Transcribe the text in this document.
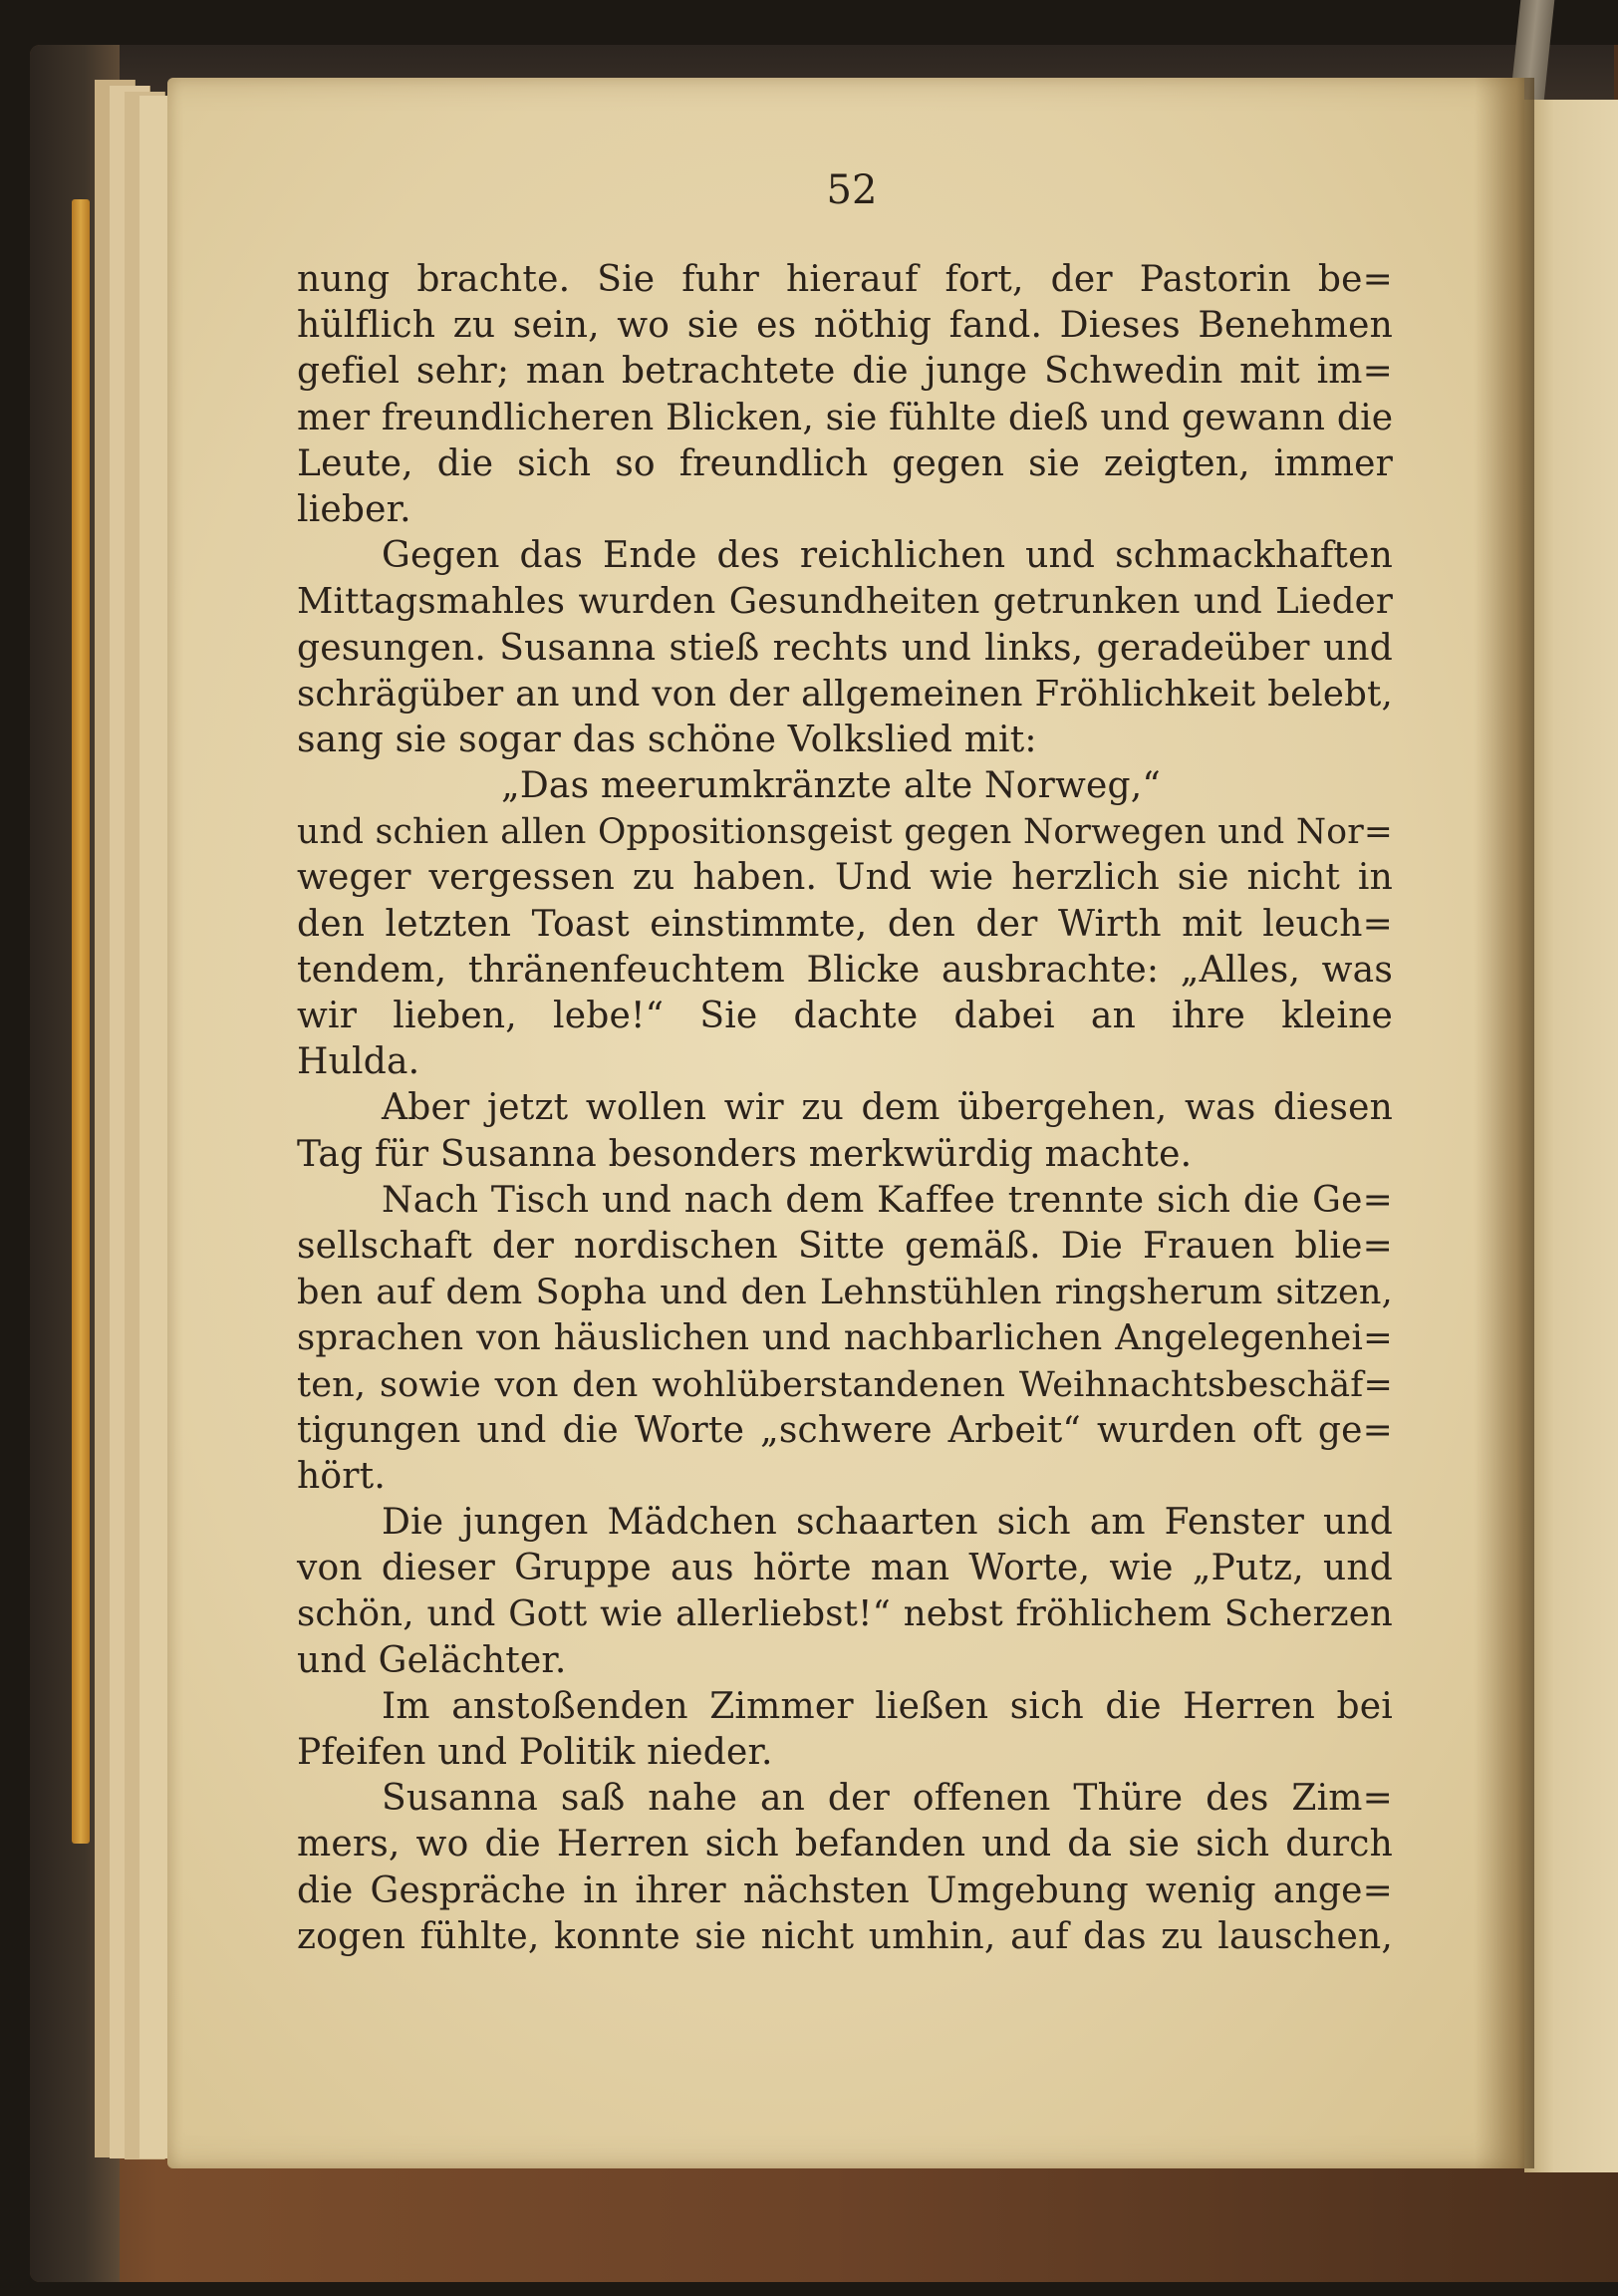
52
nung brachte. Sie fuhr hierauf fort, der Pastorin be=
hülflich zu sein, wo sie es nöthig fand. Dieses Benehmen
gefiel sehr; man betrachtete die junge Schwedin mit im=
mer freundlicheren Blicken, sie fühlte dieß und gewann die
Leute, die sich so freundlich gegen sie zeigten, immer
lieber.
Gegen das Ende des reichlichen und schmackhaften
Mittagsmahles wurden Gesundheiten getrunken und Lieder
gesungen. Susanna stieß rechts und links, geradeüber und
schrägüber an und von der allgemeinen Fröhlichkeit belebt,
sang sie sogar das schöne Volkslied mit:
„Das meerumkränzte alte Norweg,“
und schien allen Oppositionsgeist gegen Norwegen und Nor=
weger vergessen zu haben. Und wie herzlich sie nicht in
den letzten Toast einstimmte, den der Wirth mit leuch=
tendem, thränenfeuchtem Blicke ausbrachte: „Alles, was
wir lieben, lebe!“ Sie dachte dabei an ihre kleine
Hulda.
Aber jetzt wollen wir zu dem übergehen, was diesen
Tag für Susanna besonders merkwürdig machte.
Nach Tisch und nach dem Kaffee trennte sich die Ge=
sellschaft der nordischen Sitte gemäß. Die Frauen blie=
ben auf dem Sopha und den Lehnstühlen ringsherum sitzen,
sprachen von häuslichen und nachbarlichen Angelegenhei=
ten, sowie von den wohlüberstandenen Weihnachtsbeschäf=
tigungen und die Worte „schwere Arbeit“ wurden oft ge=
hört.
Die jungen Mädchen schaarten sich am Fenster und
von dieser Gruppe aus hörte man Worte, wie „Putz, und
schön, und Gott wie allerliebst!“ nebst fröhlichem Scherzen
und Gelächter.
Im anstoßenden Zimmer ließen sich die Herren bei
Pfeifen und Politik nieder.
Susanna saß nahe an der offenen Thüre des Zim=
mers, wo die Herren sich befanden und da sie sich durch
die Gespräche in ihrer nächsten Umgebung wenig ange=
zogen fühlte, konnte sie nicht umhin, auf das zu lauschen,
